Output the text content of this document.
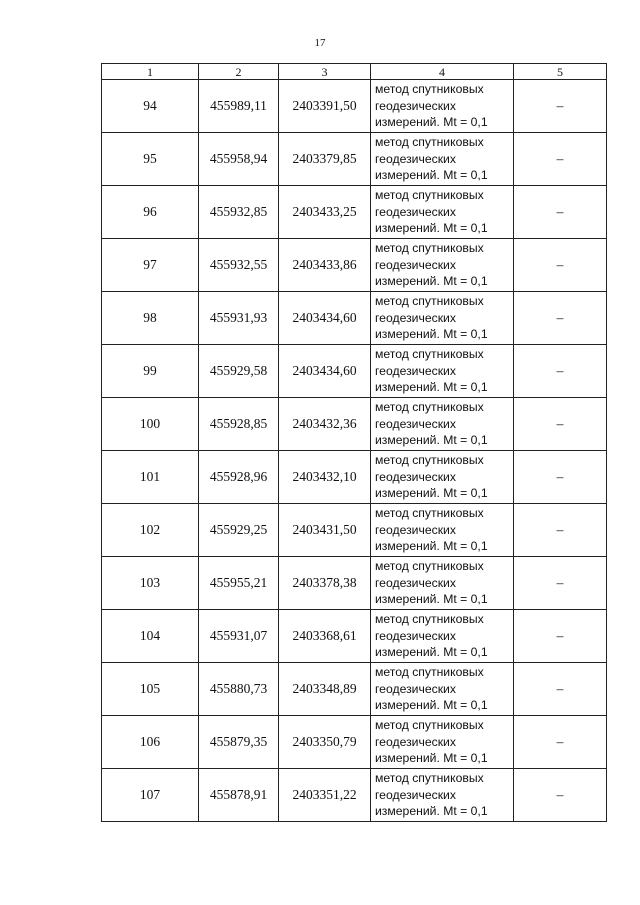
17
1	2	3	4	5
94	455989,11	2403391,50	метод спутниковых
геодезических
измерений. Mt = 0,1	–
95	455958,94	2403379,85	метод спутниковых
геодезических
измерений. Mt = 0,1	–
96	455932,85	2403433,25	метод спутниковых
геодезических
измерений. Mt = 0,1	–
97	455932,55	2403433,86	метод спутниковых
геодезических
измерений. Mt = 0,1	–
98	455931,93	2403434,60	метод спутниковых
геодезических
измерений. Mt = 0,1	–
99	455929,58	2403434,60	метод спутниковых
геодезических
измерений. Mt = 0,1	–
100	455928,85	2403432,36	метод спутниковых
геодезических
измерений. Mt = 0,1	–
101	455928,96	2403432,10	метод спутниковых
геодезических
измерений. Mt = 0,1	–
102	455929,25	2403431,50	метод спутниковых
геодезических
измерений. Mt = 0,1	–
103	455955,21	2403378,38	метод спутниковых
геодезических
измерений. Mt = 0,1	–
104	455931,07	2403368,61	метод спутниковых
геодезических
измерений. Mt = 0,1	–
105	455880,73	2403348,89	метод спутниковых
геодезических
измерений. Mt = 0,1	–
106	455879,35	2403350,79	метод спутниковых
геодезических
измерений. Mt = 0,1	–
107	455878,91	2403351,22	метод спутниковых
геодезических
измерений. Mt = 0,1	–
